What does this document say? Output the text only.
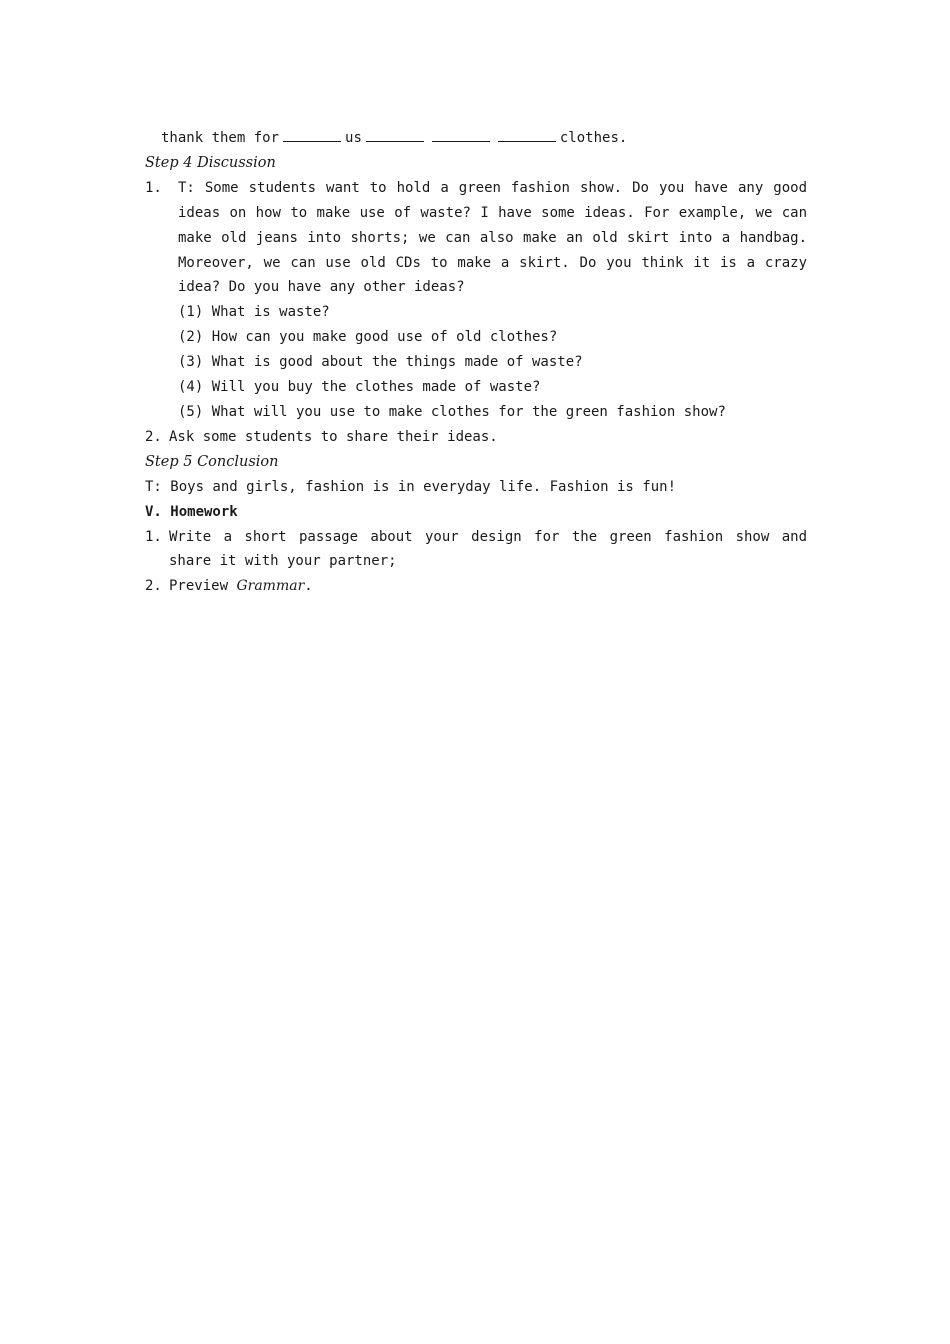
thank them for	us	clothes.
Step 4 Discussion
1.	T: Some students want to hold a green fashion show. Do you have any good ideas on how to make use of waste? I have some ideas. For example, we can make old jeans into shorts; we can also make an old skirt into a handbag. Moreover, we can use old CDs to make a skirt. Do you think it is a crazy idea? Do you have any other ideas?
(1) What is waste?
(2) How can you make good use of old clothes?
(3) What is good about the things made of waste?
(4) Will you buy the clothes made of waste?
(5) What will you use to make clothes for the green fashion show?
2. Ask some students to share their ideas.
Step 5 Conclusion
T: Boys and girls, fashion is in everyday life. Fashion is fun!
V. Homework
1. Write a short passage about your design for the green fashion show and share it with your partner;
2. Preview Grammar.
